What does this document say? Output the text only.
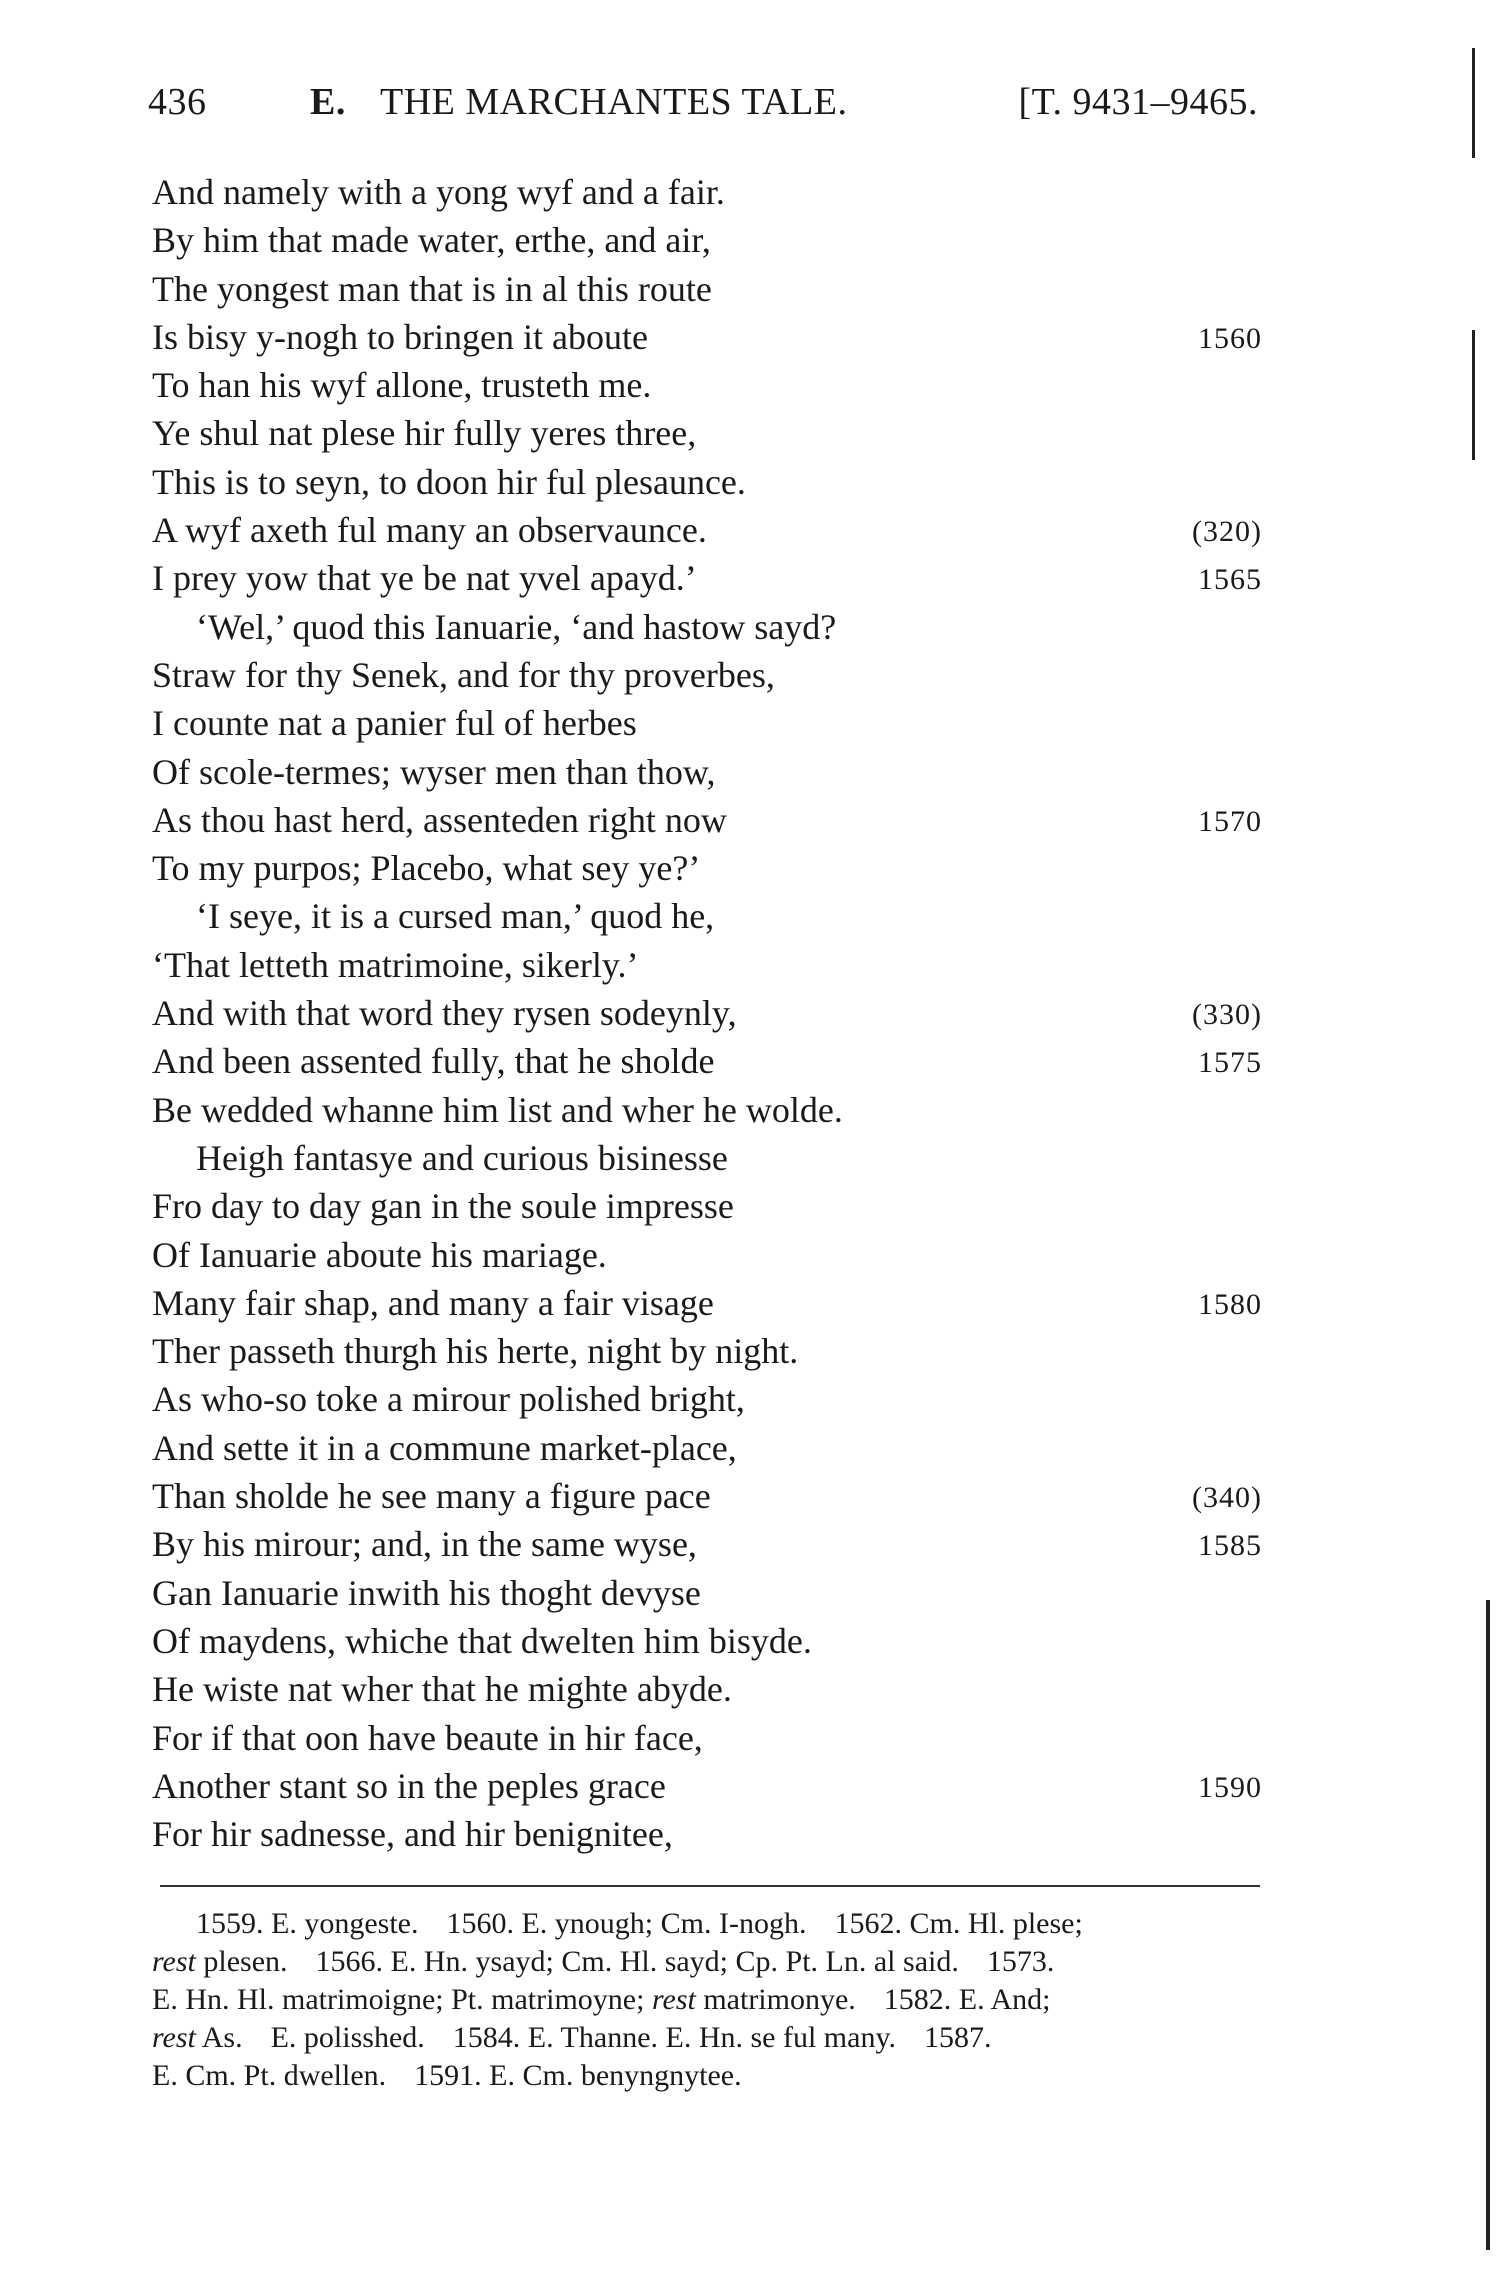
436	E. THE MARCHANTES TALE.	[T. 9431–9465.
And namely with a yong wyf and a fair.
By him that made water, erthe, and air,
The yongest man that is in al this route
Is bisy y-nogh to bringen it aboute	1560
To han his wyf allone, trusteth me.
Ye shul nat plese hir fully yeres three,
This is to seyn, to doon hir ful plesaunce.
A wyf axeth ful many an observaunce.	(320)
I prey yow that ye be nat yvel apayd.’	1565
‘Wel,’ quod this Ianuarie, ‘and hastow sayd?
Straw for thy Senek, and for thy proverbes,
I counte nat a panier ful of herbes
Of scole-termes; wyser men than thow,
As thou hast herd, assenteden right now	1570
To my purpos; Placebo, what sey ye?’
‘I seye, it is a cursed man,’ quod he,
‘That letteth matrimoine, sikerly.’
And with that word they rysen sodeynly,	(330)
And been assented fully, that he sholde	1575
Be wedded whanne him list and wher he wolde.
Heigh fantasye and curious bisinesse
Fro day to day gan in the soule impresse
Of Ianuarie aboute his mariage.
Many fair shap, and many a fair visage	1580
Ther passeth thurgh his herte, night by night.
As who-so toke a mirour polished bright,
And sette it in a commune market-place,
Than sholde he see many a figure pace	(340)
By his mirour; and, in the same wyse,	1585
Gan Ianuarie inwith his thoght devyse
Of maydens, whiche that dwelten him bisyde.
He wiste nat wher that he mighte abyde.
For if that oon have beaute in hir face,
Another stant so in the peples grace	1590
For hir sadnesse, and hir benignitee,
1559. E. yongeste. 1560. E. ynough; Cm. I-nogh. 1562. Cm. Hl. plese;
rest plesen. 1566. E. Hn. ysayd; Cm. Hl. sayd; Cp. Pt. Ln. al said. 1573.
E. Hn. Hl. matrimoigne; Pt. matrimoyne; rest matrimonye. 1582. E. And;
rest As. E. polisshed. 1584. E. Thanne. E. Hn. se ful many. 1587.
E. Cm. Pt. dwellen. 1591. E. Cm. benyngnytee.
